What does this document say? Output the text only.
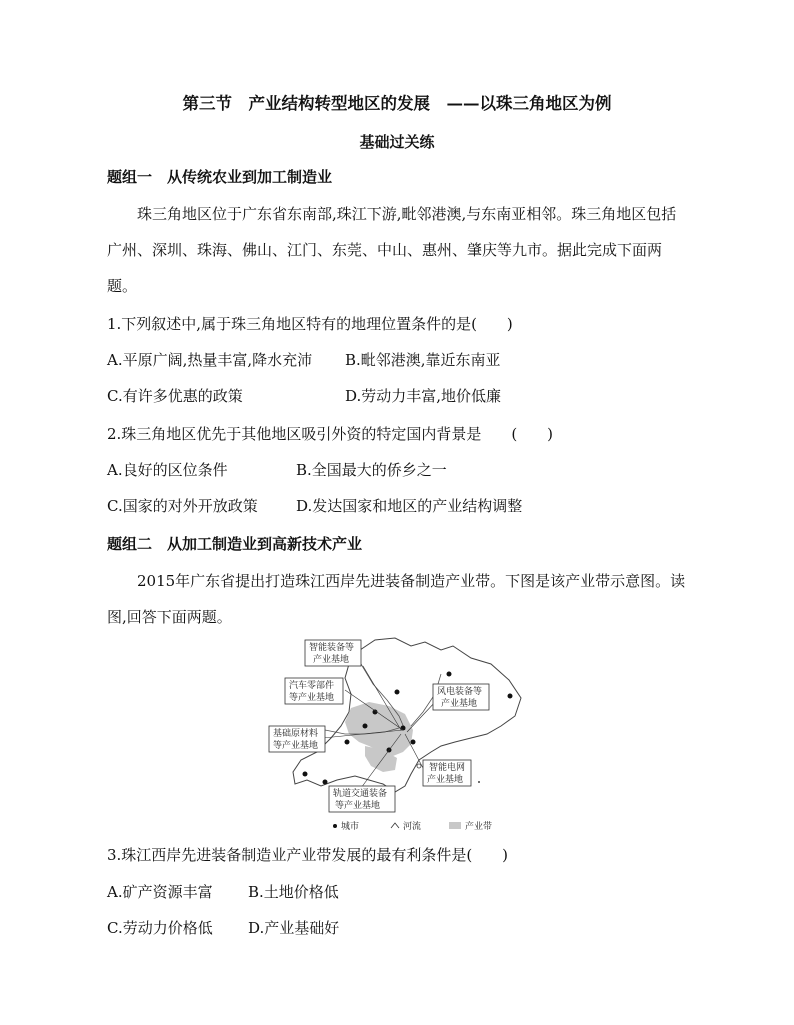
第三节　产业结构转型地区的发展　——以珠三角地区为例
基础过关练
题组一　从传统农业到加工制造业
珠三角地区位于广东省东南部,珠江下游,毗邻港澳,与东南亚相邻。珠三角地区包括广州、深圳、珠海、佛山、江门、东莞、中山、惠州、肇庆等九市。据此完成下面两题。
1.下列叙述中,属于珠三角地区特有的地理位置条件的是(　　)
A.平原广阔,热量丰富,降水充沛 B.毗邻港澳,靠近东南亚
C.有许多优惠的政策	D.劳动力丰富,地价低廉
2.珠三角地区优先于其他地区吸引外资的特定国内背景是　　(　　)
A.良好的区位条件	B.全国最大的侨乡之一
C.国家的对外开放政策	D.发达国家和地区的产业结构调整
题组二　从加工制造业到高新技术产业
2015年广东省提出打造珠江西岸先进装备制造产业带。下图是该产业带示意图。读图,回答下面两题。
智能装备等
产业基地
汽车零部件
等产业基地
风电装备等
产业基地
基础原材料
等产业基地
智能电网
产业基地
轨道交通装备
等产业基地
城市	河流	产业带
3.珠江西岸先进装备制造业产业带发展的最有利条件是(　　)
A.矿产资源丰富 B.土地价格低
C.劳动力价格低 D.产业基础好
